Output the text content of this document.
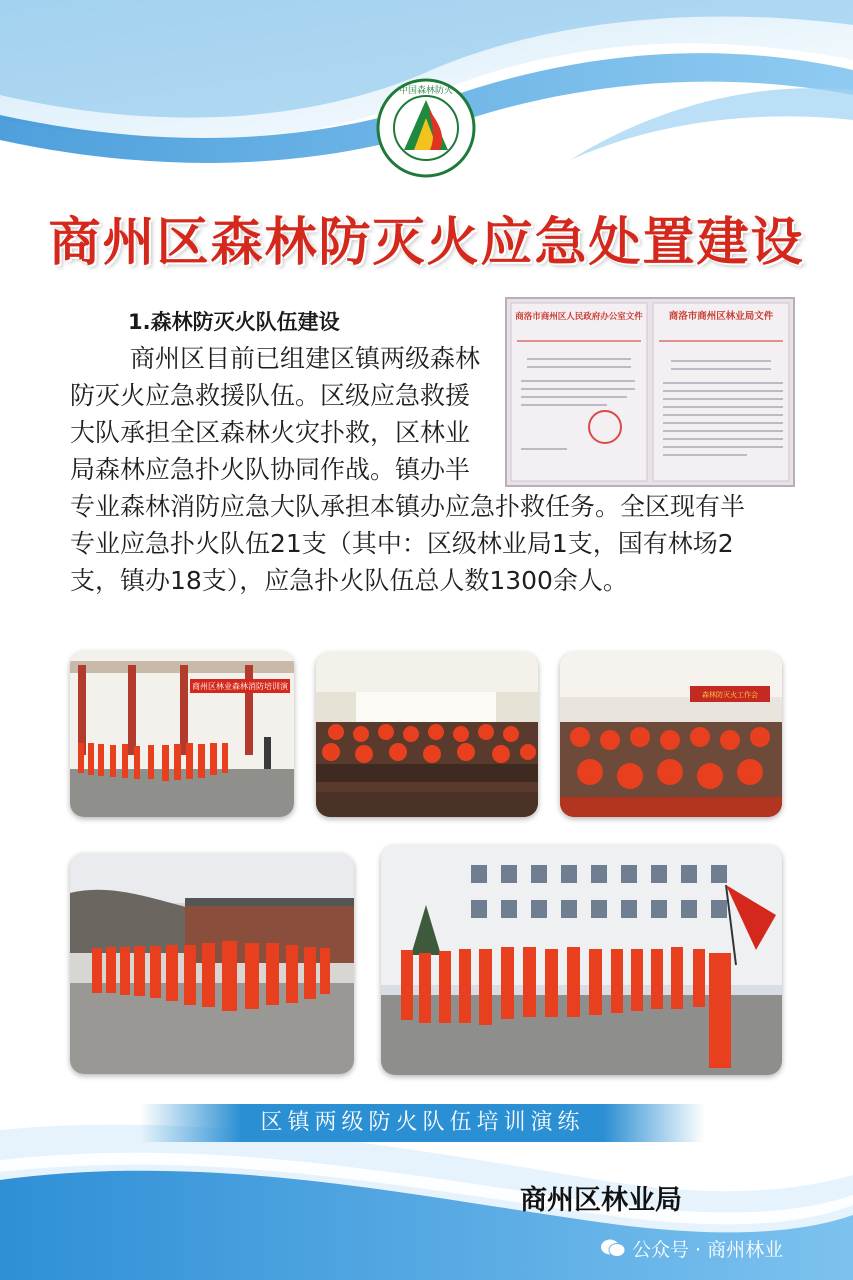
中国森林防火
商州区森林防灭火应急处置建设
1.森林防灭火队伍建设
商州区目前已组建区镇两级森林
防灭火应急救援队伍。区级应急救援
大队承担全区森林火灾扑救，区林业
局森林应急扑火队协同作战。镇办半
专业森林消防应急大队承担本镇办应急扑救任务。全区现有半
专业应急扑火队伍21支（其中：区级林业局1支，国有林场2
支，镇办18支），应急扑火队伍总人数1300余人。
商洛市商州区人民政府办公室文件	商洛市商州区林业局文件
商州区林业森林消防培训演
森林防灭火工作会
区镇两级防火队伍培训演练
商州区林业局
公众号 · 商州林业
